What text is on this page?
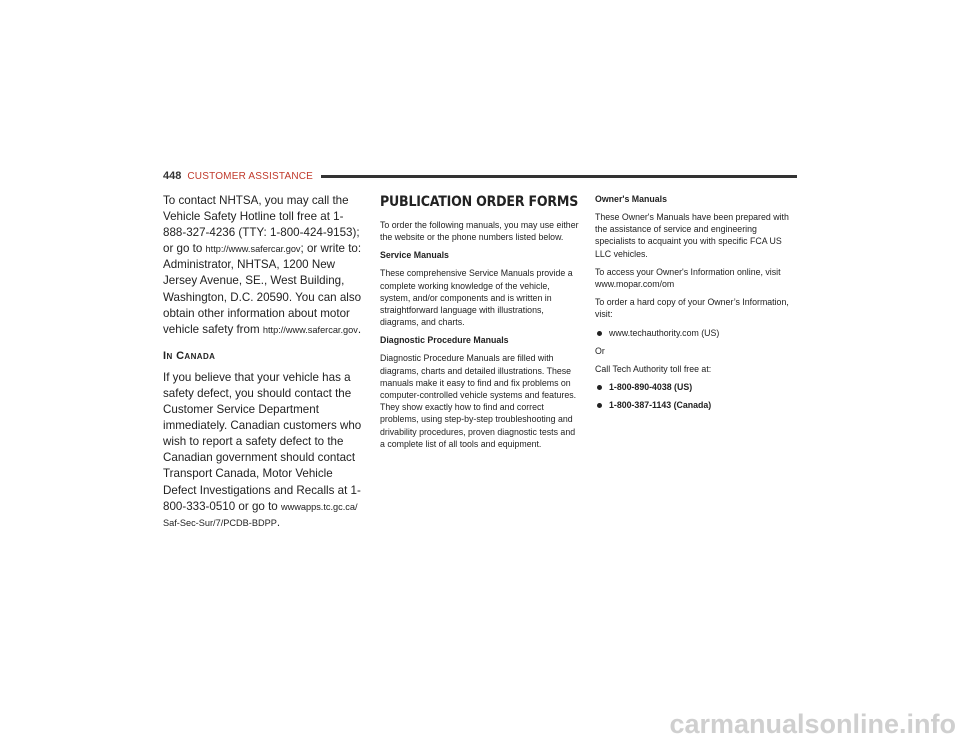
448 CUSTOMER ASSISTANCE

To contact NHTSA, you may call the Vehicle Safety Hotline toll free at 1-888-327-4236 (TTY: 1-800-424-9153); or go to http://www.safercar.gov; or write to: Administrator, NHTSA, 1200 New Jersey Avenue, SE., West Building, Washington, D.C. 20590. You can also obtain other information about motor vehicle safety from http://www.safercar.gov.

In Canada

If you believe that your vehicle has a safety defect, you should contact the Customer Service Department immediately. Canadian customers who wish to report a safety defect to the Canadian government should contact Transport Canada, Motor Vehicle Defect Investigations and Recalls at 1-800-333-0510 or go to wwwapps.tc.gc.ca/ Saf-Sec-Sur/7/PCDB-BDPP.

PUBLICATION ORDER FORMS

To order the following manuals, you may use either the website or the phone numbers listed below.

Service Manuals

These comprehensive Service Manuals provide a complete working knowledge of the vehicle, system, and/or components and is written in straightforward language with illustrations, diagrams, and charts.

Diagnostic Procedure Manuals

Diagnostic Procedure Manuals are filled with diagrams, charts and detailed illustrations. These manuals make it easy to find and fix problems on computer-controlled vehicle systems and features. They show exactly how to find and correct problems, using step-by-step troubleshooting and drivability procedures, proven diagnostic tests and a complete list of all tools and equipment.

Owner's Manuals

These Owner's Manuals have been prepared with the assistance of service and engineering specialists to acquaint you with specific FCA US LLC vehicles.

To access your Owner's Information online, visit www.mopar.com/om

To order a hard copy of your Owner’s Information, visit:

www.techauthority.com (US)

Or

Call Tech Authority toll free at:

1-800-890-4038 (US)
1-800-387-1143 (Canada)
carmanualsonline.info
